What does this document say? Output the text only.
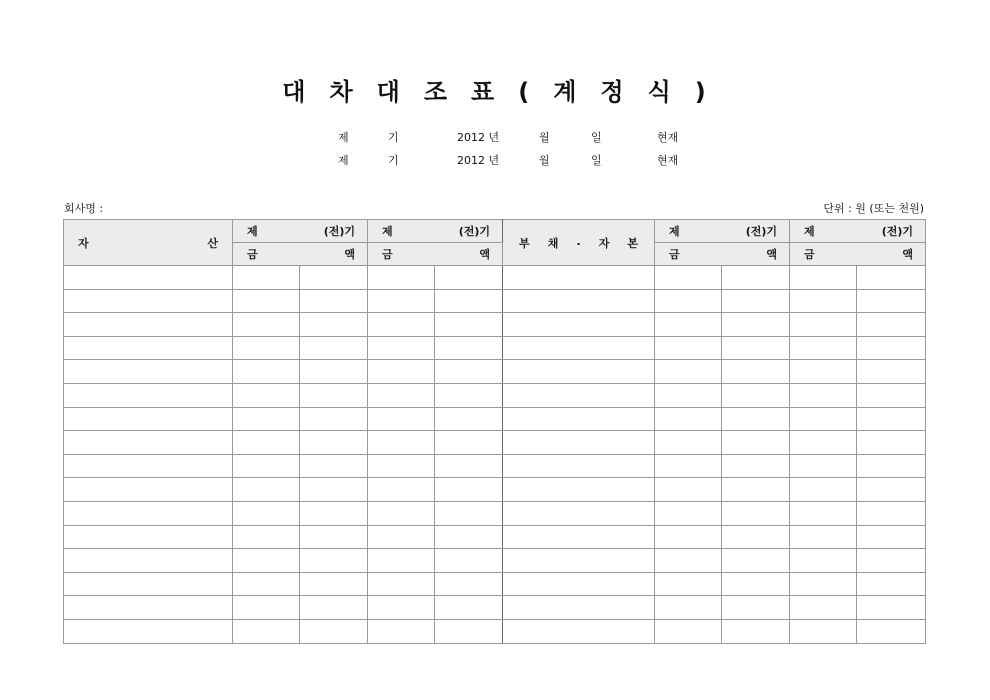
대 차 대 조 표 ( 계 정 식 )
제	기	2012 년	월	일	현재
제	기	2012 년	월	일	현재
회사명 :	단위 : 원 (또는 천원)
자 산	제 (전)기		제 (전)기		부 채 . 자 본	제 (전)기		제 (전)기	

	금 액		금 액			금 액		금 액	
